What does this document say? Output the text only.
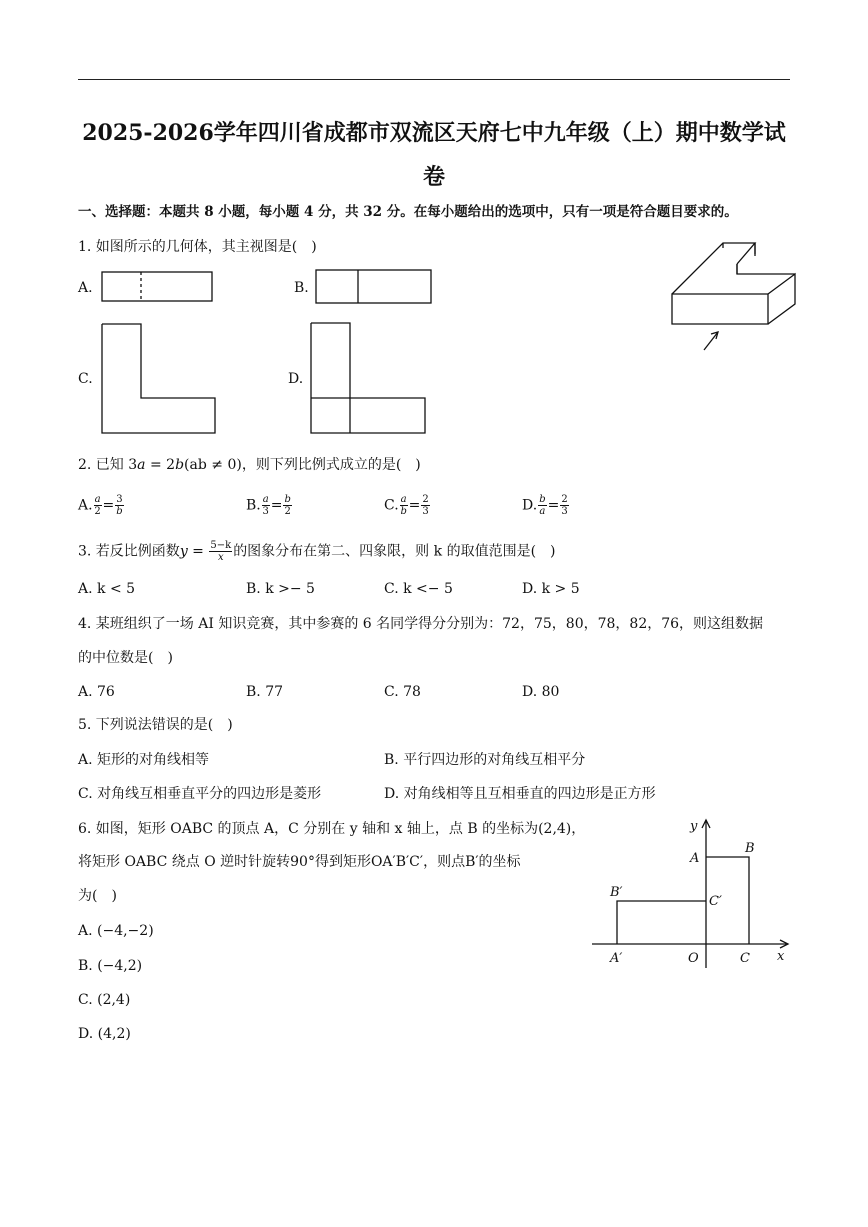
2025-2026学年四川省成都市双流区天府七中九年级（上）期中数学试
卷
一、选择题：本题共 8 小题，每小题 4 分，共 32 分。在每小题给出的选项中，只有一项是符合题目要求的。
1. 如图所示的几何体，其主视图是(　)
A.	B.
C.	D.
2. 已知 3a = 2b(ab ≠ 0)，则下列比例式成立的是(　)
A. $\frac{a}{2} = \frac{3}{b}$	B. $\frac{a}{3} = \frac{b}{2}$	C. $\frac{a}{b} = \frac{2}{3}$	D. $\frac{b}{a} = \frac{2}{3}$
3. 若反比例函数$y = \frac{5-k}{x}$ 的图象分布在第二、四象限，则 k 的取值范围是(　)
A. k < 5	B. k >− 5	C. k <− 5	D. k > 5
4. 某班组织了一场 AI 知识竞赛，其中参赛的 6 名同学得分分别为：72，75，80，78，82，76，则这组数据
的中位数是(　)
A. 76	B. 77	C. 78	D. 80
5. 下列说法错误的是(　)
A. 矩形的对角线相等	B. 平行四边形的对角线互相平分
C. 对角线互相垂直平分的四边形是菱形	D. 对角线相等且互相垂直的四边形是正方形
6. 如图，矩形 OABC 的顶点 A，C 分别在 y 轴和 x 轴上，点 B 的坐标为(2,4)，
将矩形 OABC 绕点 O 逆时针旋转90°得到矩形OA′B′C′，则点B′的坐标
为(　)
A. (−4,−2)
B. (−4,2)
C. (2,4)
D. (4,2)
y
x
A
B
B′
C′
A′	O	C
